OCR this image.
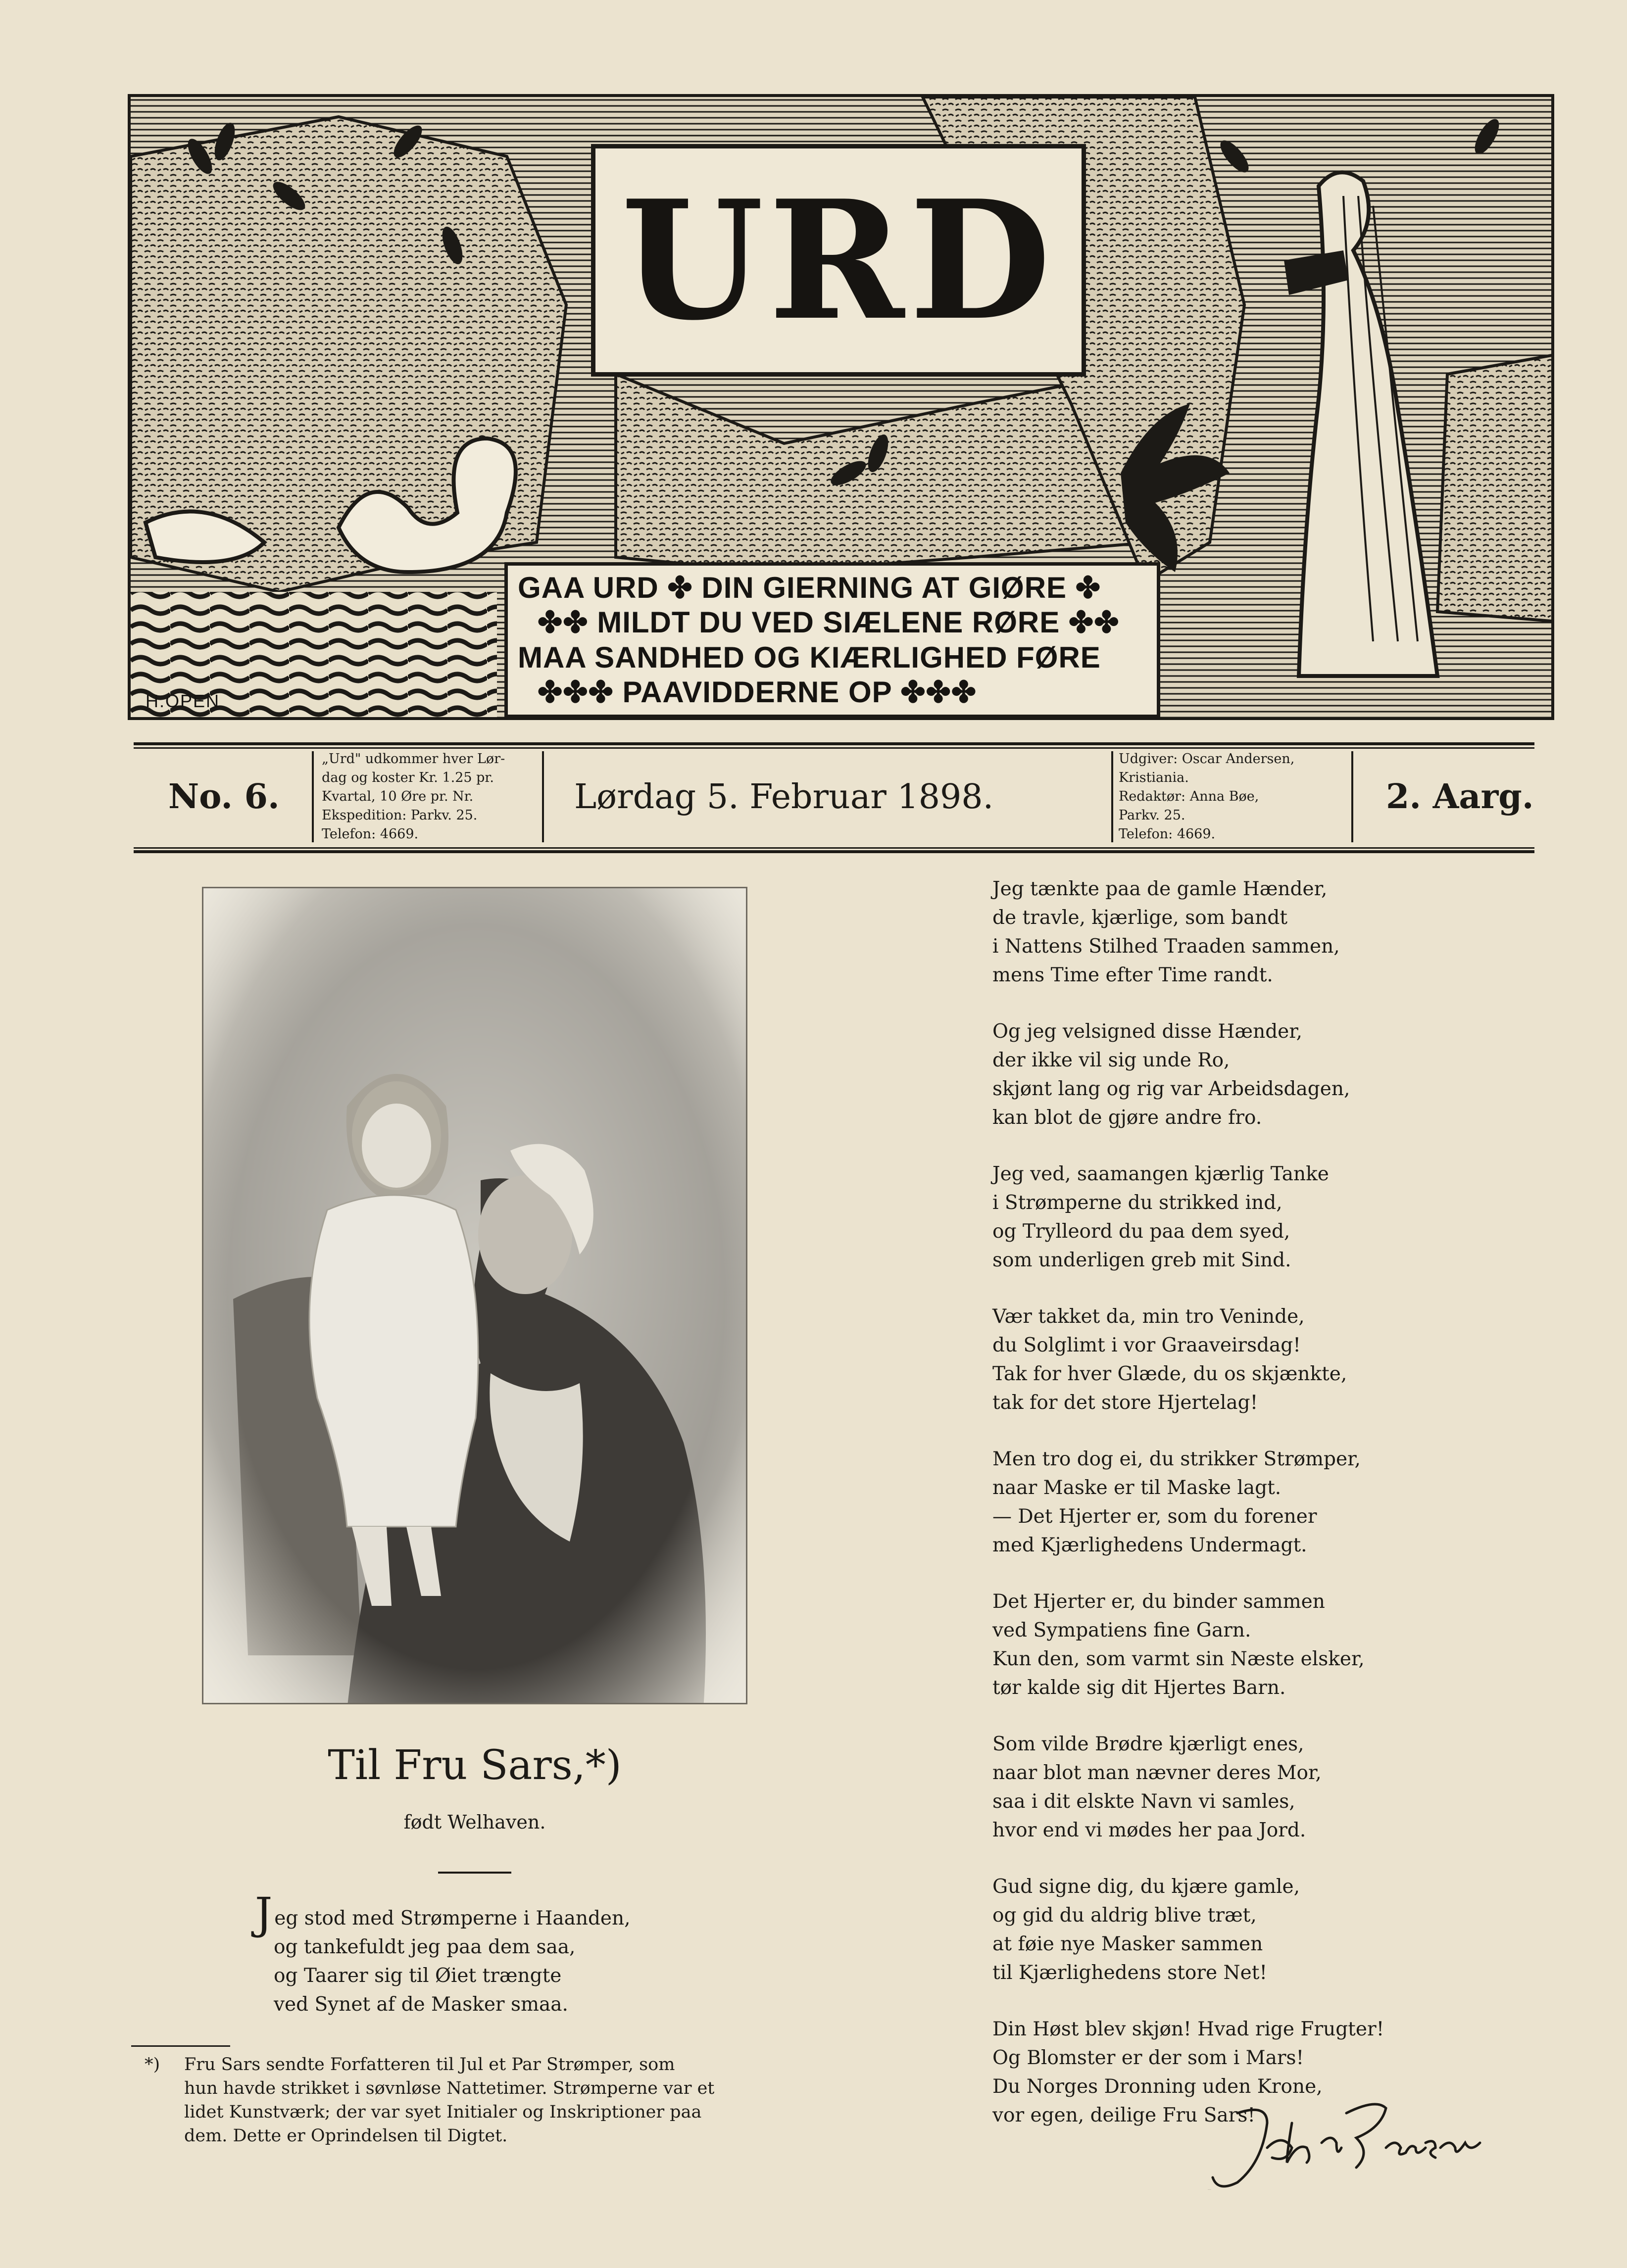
URD
GAA URD ✤ DIN GIERNING AT GIØRE ✤
✤✤ MILDT DU VED SIÆLENE RØRE ✤✤
MAA SANDHED OG KIÆRLIGHED FØRE
✤✤✤ PAAVIDDERNE OP ✤✤✤
H.OPEN
No. 6.
„Urd" udkommer hver Lør-
dag og koster Kr. 1.25 pr.
Kvartal, 10 Øre pr. Nr.
Ekspedition: Parkv. 25.
Telefon: 4669.
Lørdag 5. Februar 1898.
Udgiver: Oscar Andersen,
Kristiania.
Redaktør: Anna Bøe,
Parkv. 25.
Telefon: 4669.
2. Aarg.
Til Fru Sars,*)
født Welhaven.
Jeg stod med Strømperne i Haanden,
og tankefuldt jeg paa dem saa,
og Taarer sig til Øiet trængte
ved Synet af de Masker smaa.
*) Fru Sars sendte Forfatteren til Jul et Par Strømper, som
hun havde strikket i søvnløse Nattetimer. Strømperne var et
lidet Kunstværk; der var syet Initialer og Inskriptioner paa
dem. Dette er Oprindelsen til Digtet.
Jeg tænkte paa de gamle Hænder,
de travle, kjærlige, som bandt
i Nattens Stilhed Traaden sammen,
mens Time efter Time randt.
Og jeg velsigned disse Hænder,
der ikke vil sig unde Ro,
skjønt lang og rig var Arbeidsdagen,
kan blot de gjøre andre fro.
Jeg ved, saamangen kjærlig Tanke
i Strømperne du strikked ind,
og Trylleord du paa dem syed,
som underligen greb mit Sind.
Vær takket da, min tro Veninde,
du Solglimt i vor Graaveirsdag!
Tak for hver Glæde, du os skjænkte,
tak for det store Hjertelag!
Men tro dog ei, du strikker Strømper,
naar Maske er til Maske lagt.
— Det Hjerter er, som du forener
med Kjærlighedens Undermagt.
Det Hjerter er, du binder sammen
ved Sympatiens fine Garn.
Kun den, som varmt sin Næste elsker,
tør kalde sig dit Hjertes Barn.
Som vilde Brødre kjærligt enes,
naar blot man nævner deres Mor,
saa i dit elskte Navn vi samles,
hvor end vi mødes her paa Jord.
Gud signe dig, du kjære gamle,
og gid du aldrig blive træt,
at føie nye Masker sammen
til Kjærlighedens store Net!
Din Høst blev skjøn! Hvad rige Frugter!
Og Blomster er der som i Mars!
Du Norges Dronning uden Krone,
vor egen, deilige Fru Sars!
John Paulsen
